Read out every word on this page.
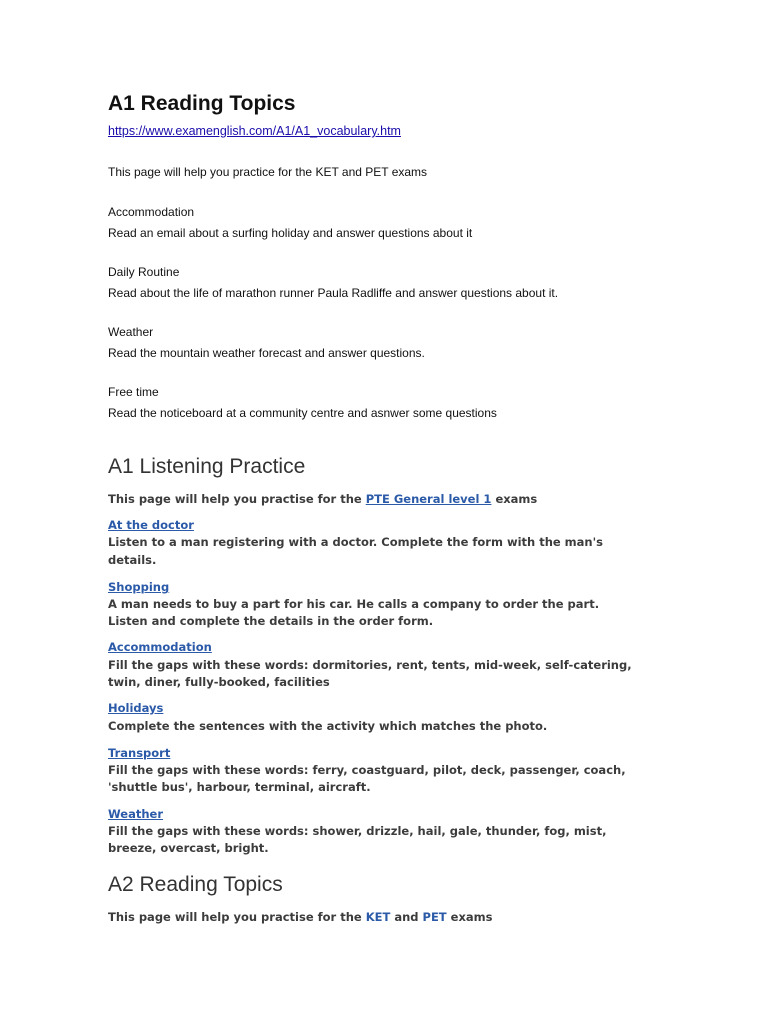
A1 Reading Topics
https://www.examenglish.com/A1/A1_vocabulary.htm
This page will help you practice for the KET and PET exams
Accommodation
Read an email about a surfing holiday and answer questions about it
Daily Routine
Read about the life of marathon runner Paula Radliffe and answer questions about it.
Weather
Read the mountain weather forecast and answer questions.
Free time
Read the noticeboard at a community centre and asnwer some questions
A1 Listening Practice
This page will help you practise for the PTE General level 1 exams
At the doctor
Listen to a man registering with a doctor. Complete the form with the man's
details.
Shopping
A man needs to buy a part for his car. He calls a company to order the part.
Listen and complete the details in the order form.
Accommodation
Fill the gaps with these words: dormitories, rent, tents, mid-week, self-catering,
twin, diner, fully-booked, facilities
Holidays
Complete the sentences with the activity which matches the photo.
Transport
Fill the gaps with these words: ferry, coastguard, pilot, deck, passenger, coach,
'shuttle bus', harbour, terminal, aircraft.
Weather
Fill the gaps with these words: shower, drizzle, hail, gale, thunder, fog, mist,
breeze, overcast, bright.
A2 Reading Topics
This page will help you practise for the KET and PET exams
